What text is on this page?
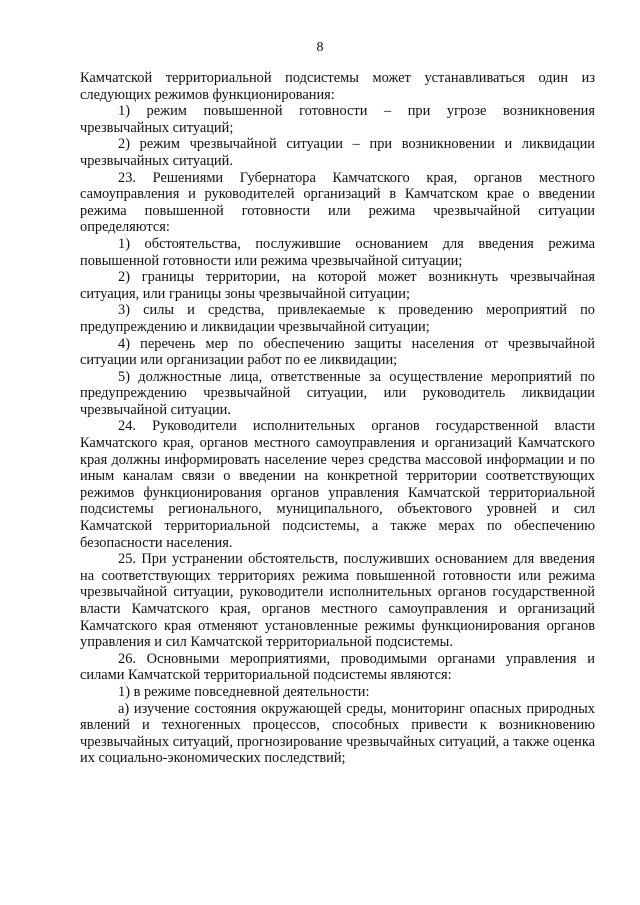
8

Камчатской территориальной подсистемы может устанавливаться один из следующих режимов функционирования:

1) режим повышенной готовности – при угрозе возникновения чрезвычайных ситуаций;

2) режим чрезвычайной ситуации – при возникновении и ликвидации чрезвычайных ситуаций.

23. Решениями Губернатора Камчатского края, органов местного самоуправления и руководителей организаций в Камчатском крае о введении режима повышенной готовности или режима чрезвычайной ситуации определяются:

1) обстоятельства, послужившие основанием для введения режима повышенной готовности или режима чрезвычайной ситуации;

2) границы территории, на которой может возникнуть чрезвычайная ситуация, или границы зоны чрезвычайной ситуации;

3) силы и средства, привлекаемые к проведению мероприятий по предупреждению и ликвидации чрезвычайной ситуации;

4) перечень мер по обеспечению защиты населения от чрезвычайной ситуации или организации работ по ее ликвидации;

5) должностные лица, ответственные за осуществление мероприятий по предупреждению чрезвычайной ситуации, или руководитель ликвидации чрезвычайной ситуации.

24. Руководители исполнительных органов государственной власти Камчатского края, органов местного самоуправления и организаций Камчатского края должны информировать население через средства массовой информации и по иным каналам связи о введении на конкретной территории соответствующих режимов функционирования органов управления Камчатской территориальной подсистемы регионального, муниципального, объектового уровней и сил Камчатской территориальной подсистемы, а также мерах по обеспечению безопасности населения.

25. При устранении обстоятельств, послуживших основанием для введения на соответствующих территориях режима повышенной готовности или режима чрезвычайной ситуации, руководители исполнительных органов государственной власти Камчатского края, органов местного самоуправления и организаций Камчатского края отменяют установленные режимы функционирования органов управления и сил Камчатской территориальной подсистемы.

26. Основными мероприятиями, проводимыми органами управления и силами Камчатской территориальной подсистемы являются:

1) в режиме повседневной деятельности:

а) изучение состояния окружающей среды, мониторинг опасных природных явлений и техногенных процессов, способных привести к возникновению чрезвычайных ситуаций, прогнозирование чрезвычайных ситуаций, а также оценка их социально-экономических последствий;
